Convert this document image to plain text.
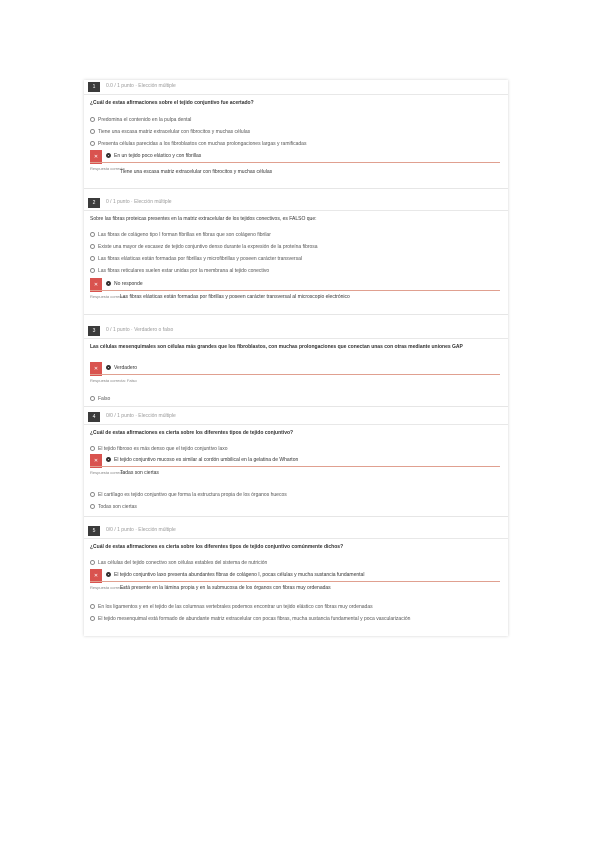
1	0.0 / 1 punto · Elección múltiple
¿Cuál de estas afirmaciones sobre el tejido conjuntivo fue acertado?
Predomina el contenido en la pulpa dental
Tiene una escasa matriz extracelular con fibrocitos y muchas células
Presenta células parecidas a los fibroblastos con muchas prolongaciones largas y ramificadas
✕	En un tejido poco elástico y con fibrillas
Respuesta correcta
Tiene una escasa matriz extracelular con fibrocitos y muchas células
2	0 / 1 punto · Elección múltiple
Sobre las fibras proteicas presentes en la matriz extracelular de los tejidos conectivos, es FALSO que:
Las fibras de colágeno tipo I forman fibrillas en fibras que son colágeno fibrilar
Existe una mayor de escasez de tejido conjuntivo denso durante la expresión de la proteína fibrosa
Las fibras elásticas están formadas por fibrillas y microfibrillas y poseen carácter transversal
Las fibras reticulares suelen estar unidas por la membrana al tejido conectivo
✕	No responde
Respuesta correcta
Las fibras elásticas están formadas por fibrillas y poseen carácter transversal al microscopio electrónico
3	0 / 1 punto · Verdadero o falso
Las células mesenquimales son células más grandes que los fibroblastos, con muchas prolongaciones que conectan unas con otras mediante uniones GAP
✕	Verdadero
Respuesta correcta: Falso
Falso
4	0/0 / 1 punto · Elección múltiple
¿Cuál de estas afirmaciones es cierta sobre los diferentes tipos de tejido conjuntivo?
El tejido fibroso es más denso que el tejido conjuntivo laxo
✕	El tejido conjuntivo mucoso es similar al cordón umbilical en la gelatina de Wharton
Respuesta correcta
Todas son ciertas
El cartílago es tejido conjuntivo que forma la estructura propia de los órganos huecos
Todas son ciertas
5	0/0 / 1 punto · Elección múltiple
¿Cuál de estas afirmaciones es cierta sobre los diferentes tipos de tejido conjuntivo comúnmente dichos?
Las células del tejido conectivo son células estables del sistema de nutrición
✕	El tejido conjuntivo laxo presenta abundantes fibras de colágeno I, pocas células y mucha sustancia fundamental
Respuesta correcta
Está presente en la lámina propia y en la submucosa de los órganos con fibras muy ordenadas
En los ligamentos y en el tejido de las columnas vertebrales podemos encontrar un tejido elástico con fibras muy ordenadas
El tejido mesenquimal está formado de abundante matriz extracelular con pocas fibras, mucha sustancia fundamental y poca vascularización
